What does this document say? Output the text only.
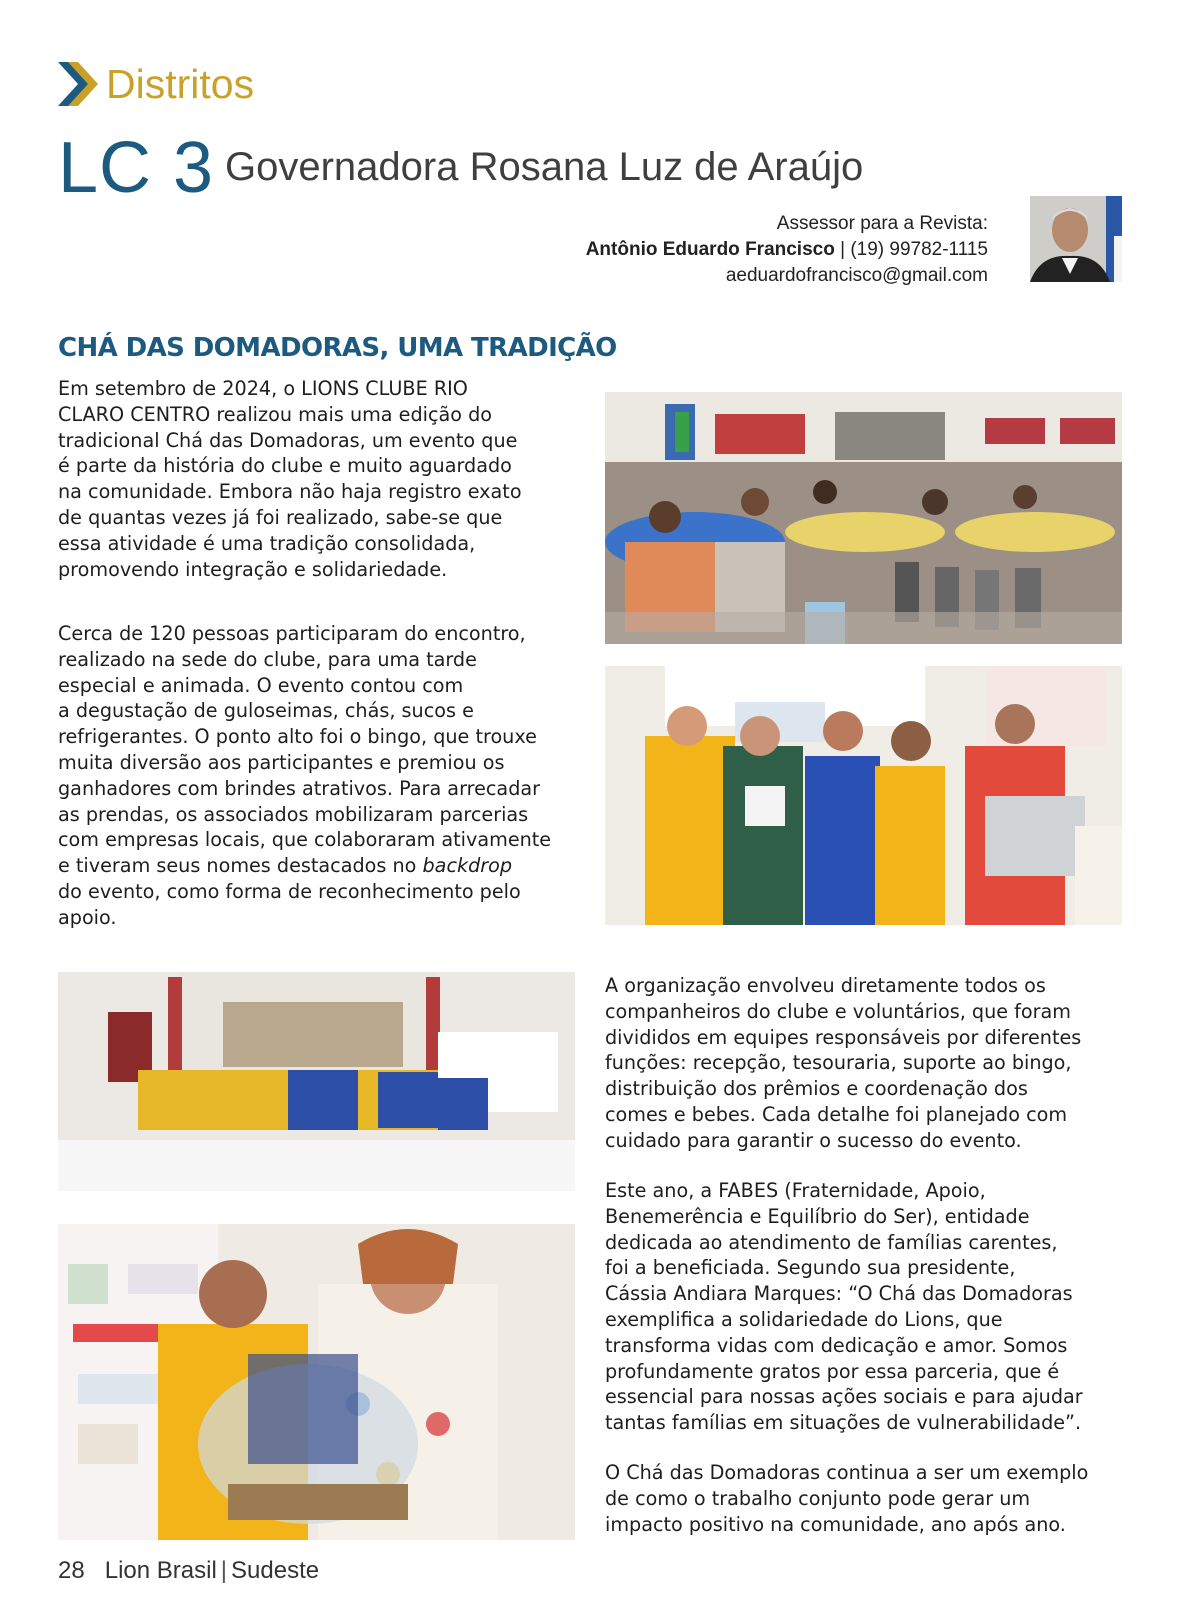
Distritos
LC 3 Governadora Rosana Luz de Araújo
Assessor para a Revista:
Antônio Eduardo Francisco | (19) 99782-1115
aeduardofrancisco@gmail.com
CHÁ DAS DOMADORAS, UMA TRADIÇÃO

Em setembro de 2024, o LIONS CLUBE RIO
CLARO CENTRO realizou mais uma edição do
tradicional Chá das Domadoras, um evento que
é parte da história do clube e muito aguardado
na comunidade. Embora não haja registro exato
de quantas vezes já foi realizado, sabe-se que
essa atividade é uma tradição consolidada,
promovendo integração e solidariedade.

Cerca de 120 pessoas participaram do encontro,
realizado na sede do clube, para uma tarde
especial e animada. O evento contou com
a degustação de guloseimas, chás, sucos e
refrigerantes. O ponto alto foi o bingo, que trouxe
muita diversão aos participantes e premiou os
ganhadores com brindes atrativos. Para arrecadar
as prendas, os associados mobilizaram parcerias
com empresas locais, que colaboraram ativamente
e tiveram seus nomes destacados no backdrop
do evento, como forma de reconhecimento pelo
apoio.

A organização envolveu diretamente todos os
companheiros do clube e voluntários, que foram
divididos em equipes responsáveis por diferentes
funções: recepção, tesouraria, suporte ao bingo,
distribuição dos prêmios e coordenação dos
comes e bebes. Cada detalhe foi planejado com
cuidado para garantir o sucesso do evento.

Este ano, a FABES (Fraternidade, Apoio,
Benemerência e Equilíbrio do Ser), entidade
dedicada ao atendimento de famílias carentes,
foi a beneficiada. Segundo sua presidente,
Cássia Andiara Marques: “O Chá das Domadoras
exemplifica a solidariedade do Lions, que
transforma vidas com dedicação e amor. Somos
profundamente gratos por essa parceria, que é
essencial para nossas ações sociais e para ajudar
tantas famílias em situações de vulnerabilidade”.

O Chá das Domadoras continua a ser um exemplo
de como o trabalho conjunto pode gerar um
impacto positivo na comunidade, ano após ano.

28 Lion Brasil | Sudeste
